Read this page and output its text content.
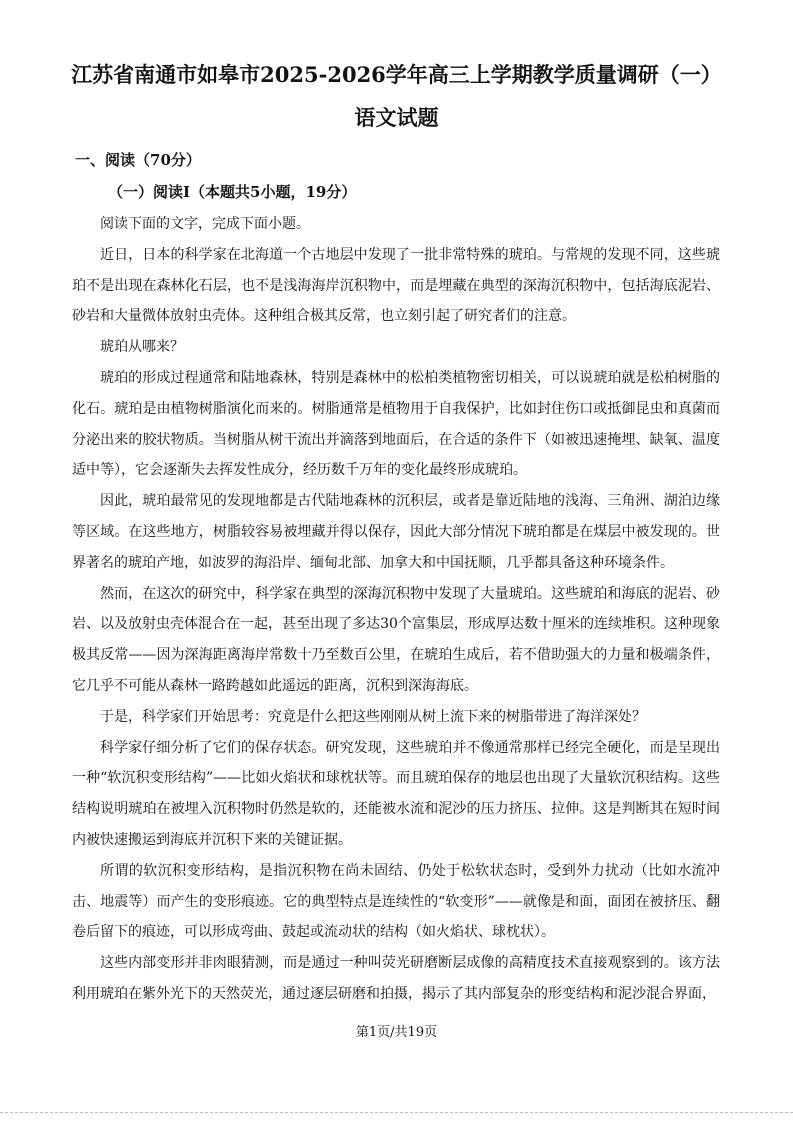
江苏省南通市如皋市2025-2026学年高三上学期教学质量调研（一）
语文试题
一、阅读（70分）
（一）阅读Ⅰ（本题共5小题，19分）

阅读下面的文字，完成下面小题。

近日，日本的科学家在北海道一个古地层中发现了一批非常特殊的琥珀。与常规的发现不同，这些琥珀不是出现在森林化石层，也不是浅海海岸沉积物中，而是埋藏在典型的深海沉积物中，包括海底泥岩、砂岩和大量微体放射虫壳体。这种组合极其反常，也立刻引起了研究者们的注意。

琥珀从哪来？

琥珀的形成过程通常和陆地森林，特别是森林中的松柏类植物密切相关，可以说琥珀就是松柏树脂的化石。琥珀是由植物树脂演化而来的。树脂通常是植物用于自我保护，比如封住伤口或抵御昆虫和真菌而分泌出来的胶状物质。当树脂从树干流出并滴落到地面后，在合适的条件下（如被迅速掩埋、缺氧、温度适中等），它会逐渐失去挥发性成分，经历数千万年的变化最终形成琥珀。

因此，琥珀最常见的发现地都是古代陆地森林的沉积层，或者是靠近陆地的浅海、三角洲、湖泊边缘等区域。在这些地方，树脂较容易被埋藏并得以保存，因此大部分情况下琥珀都是在煤层中被发现的。世界著名的琥珀产地，如波罗的海沿岸、缅甸北部、加拿大和中国抚顺，几乎都具备这种环境条件。

然而，在这次的研究中，科学家在典型的深海沉积物中发现了大量琥珀。这些琥珀和海底的泥岩、砂岩、以及放射虫壳体混合在一起，甚至出现了多达30个富集层，形成厚达数十厘米的连续堆积。这种现象极其反常——因为深海距离海岸常数十乃至数百公里，在琥珀生成后，若不借助强大的力量和极端条件，它几乎不可能从森林一路跨越如此遥远的距离，沉积到深海海底。

于是，科学家们开始思考：究竟是什么把这些刚刚从树上流下来的树脂带进了海洋深处？

科学家仔细分析了它们的保存状态。研究发现，这些琥珀并不像通常那样已经完全硬化，而是呈现出一种“软沉积变形结构”——比如火焰状和球枕状等。而且琥珀保存的地层也出现了大量软沉积结构。这些结构说明琥珀在被埋入沉积物时仍然是软的，还能被水流和泥沙的压力挤压、拉伸。这是判断其在短时间内被快速搬运到海底并沉积下来的关键证据。

所谓的软沉积变形结构，是指沉积物在尚未固结、仍处于松软状态时，受到外力扰动（比如水流冲击、地震等）而产生的变形痕迹。它的典型特点是连续性的“软变形”——就像是和面，面团在被挤压、翻卷后留下的痕迹，可以形成弯曲、鼓起或流动状的结构（如火焰状、球枕状）。

这些内部变形并非肉眼猜测，而是通过一种叫荧光研磨断层成像的高精度技术直接观察到的。该方法利用琥珀在紫外光下的天然荧光，通过逐层研磨和拍摄，揭示了其内部复杂的形变结构和泥沙混合界面，

第1页/共19页
